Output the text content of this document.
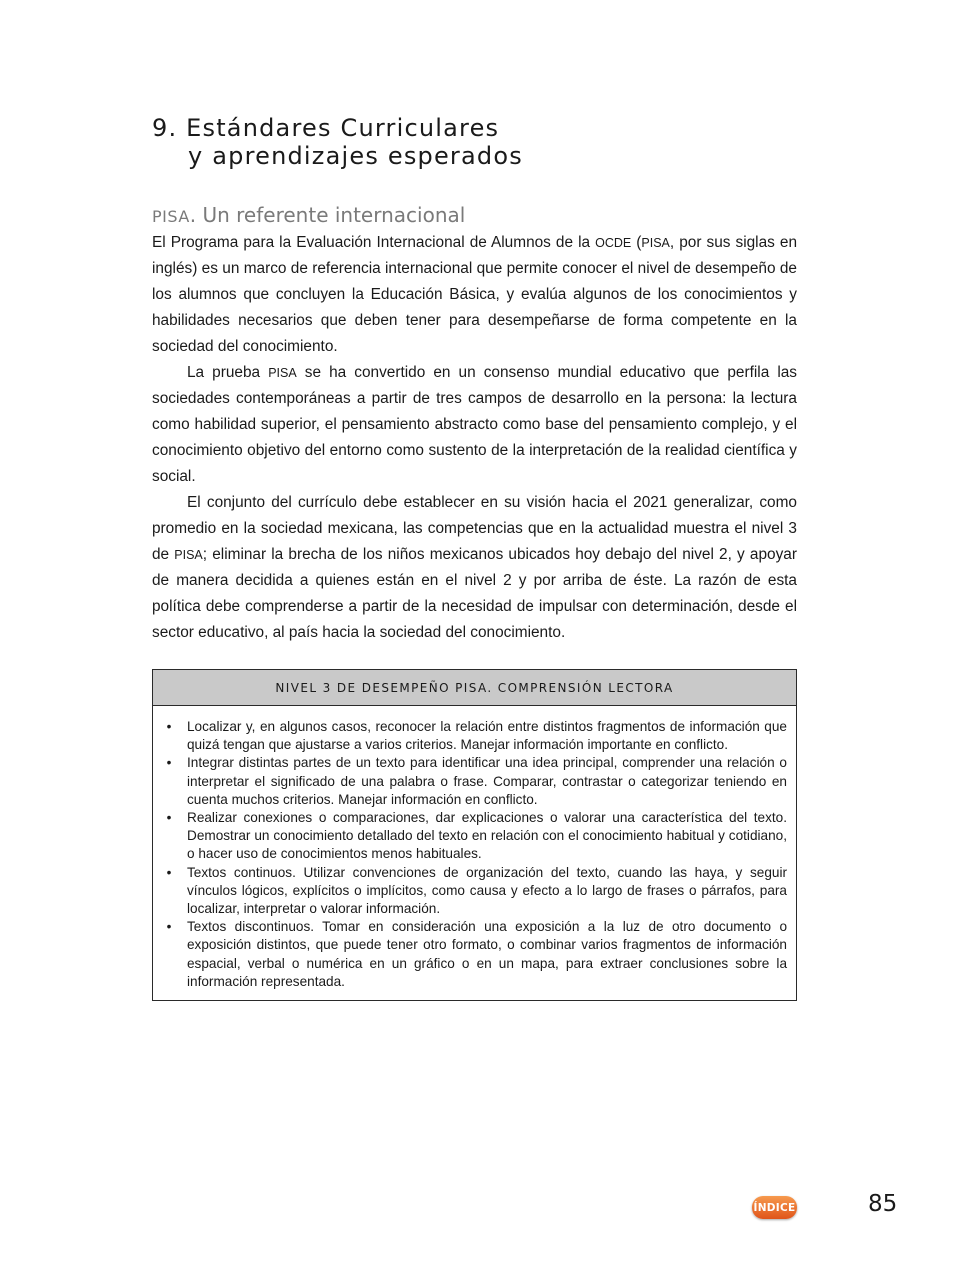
9. Estándares Curriculares
y aprendizajes esperados
PISA. Un referente internacional

El Programa para la Evaluación Internacional de Alumnos de la OCDE (PISA, por sus siglas en inglés) es un marco de referencia internacional que permite conocer el nivel de desempeño de los alumnos que concluyen la Educación Básica, y evalúa algunos de los conocimientos y habilidades necesarios que deben tener para desempeñarse de forma competente en la sociedad del conocimiento.

La prueba PISA se ha convertido en un consenso mundial educativo que perfila las sociedades contemporáneas a partir de tres campos de desarrollo en la persona: la lectura como habilidad superior, el pensamiento abstracto como base del pensamiento complejo, y el conocimiento objetivo del entorno como sustento de la interpretación de la realidad científica y social.

El conjunto del currículo debe establecer en su visión hacia el 2021 generalizar, como promedio en la sociedad mexicana, las competencias que en la actualidad muestra el nivel 3 de PISA; eliminar la brecha de los niños mexicanos ubicados hoy debajo del nivel 2, y apoyar de manera decidida a quienes están en el nivel 2 y por arriba de éste. La razón de esta política debe comprenderse a partir de la necesidad de impulsar con determinación, desde el sector educativo, al país hacia la sociedad del conocimiento.

NIVEL 3 DE DESEMPEÑO PISA. COMPRENSIÓN LECTORA
• Localizar y, en algunos casos, reconocer la relación entre distintos fragmentos de información que quizá tengan que ajustarse a varios criterios. Manejar información importante en conflicto.
• Integrar distintas partes de un texto para identificar una idea principal, comprender una relación o interpretar el significado de una palabra o frase. Comparar, contrastar o categorizar teniendo en cuenta muchos criterios. Manejar información en conflicto.
• Realizar conexiones o comparaciones, dar explicaciones o valorar una característica del texto. Demostrar un conocimiento detallado del texto en relación con el conocimiento habitual y cotidiano, o hacer uso de conocimientos menos habituales.
• Textos continuos. Utilizar convenciones de organización del texto, cuando las haya, y seguir vínculos lógicos, explícitos o implícitos, como causa y efecto a lo largo de frases o párrafos, para localizar, interpretar o valorar información.
• Textos discontinuos. Tomar en consideración una exposición a la luz de otro documento o exposición distintos, que puede tener otro formato, o combinar varios fragmentos de información espacial, verbal o numérica en un gráfico o en un mapa, para extraer conclusiones sobre la información representada.
ÍNDICE	85
